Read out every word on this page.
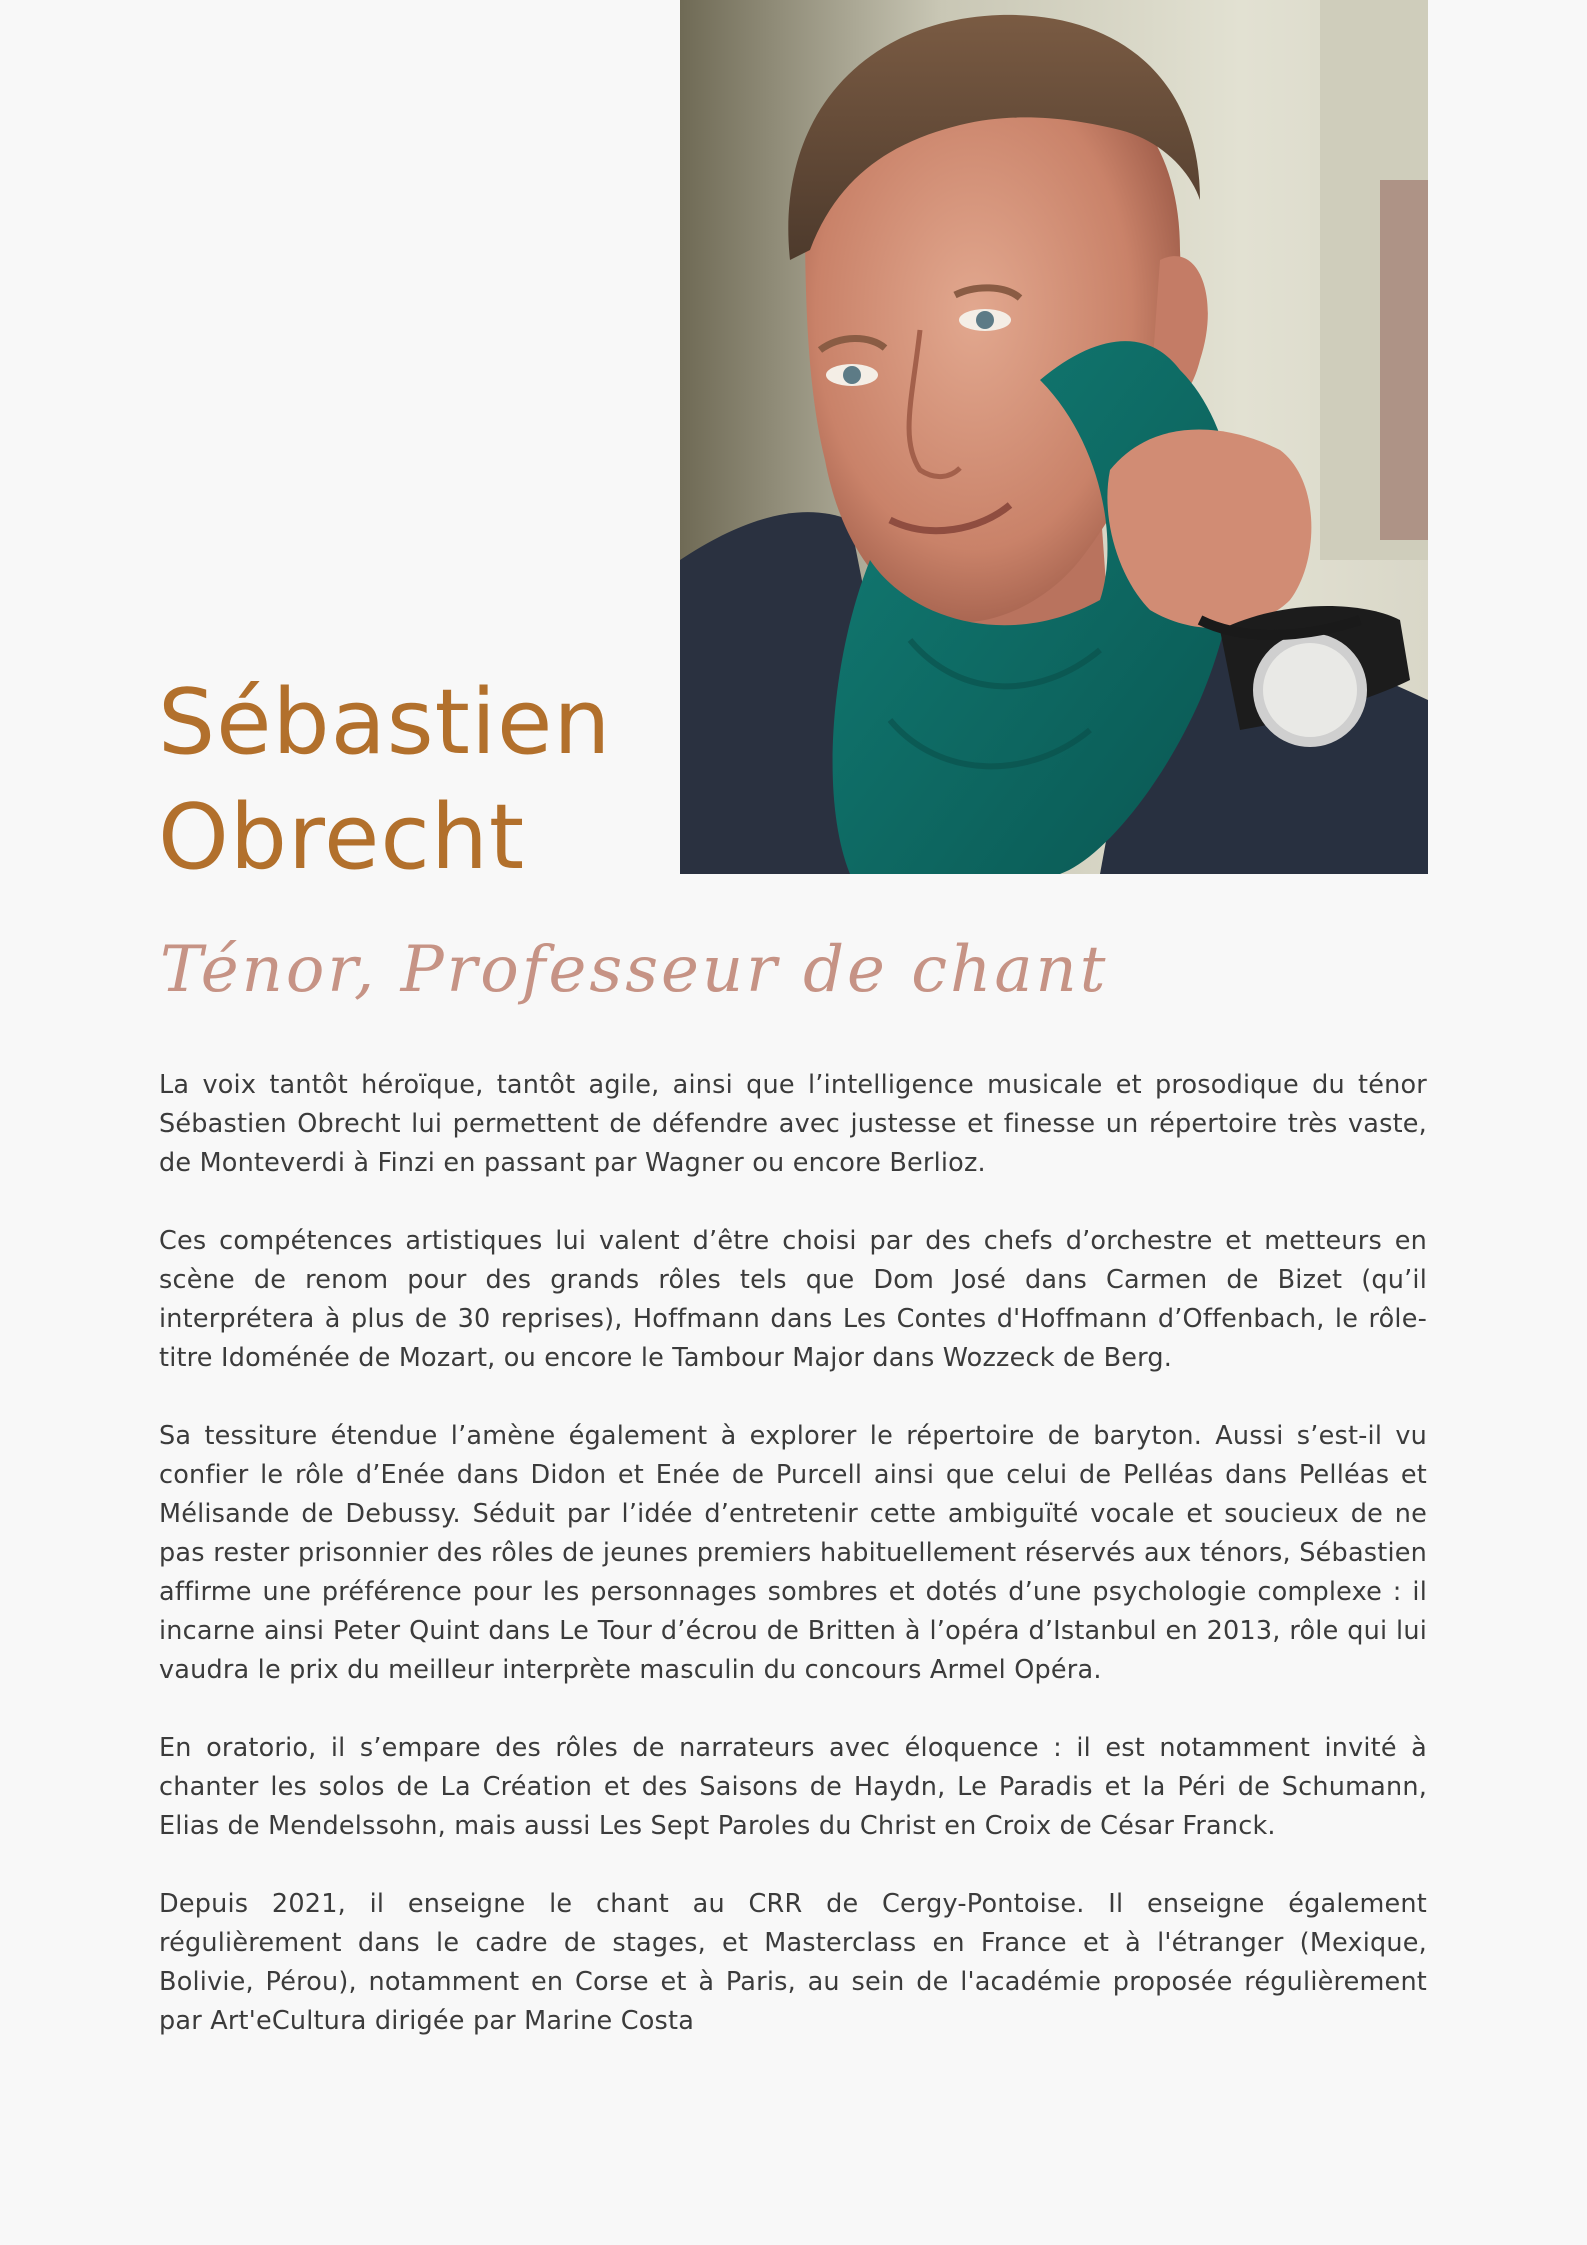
Sébastien
Obrecht
Ténor, Professeur de chant

La voix tantôt héroïque, tantôt agile, ainsi que l’intelligence musicale et prosodique du ténor Sébastien Obrecht lui permettent de défendre avec justesse et finesse un répertoire très vaste, de Monteverdi à Finzi en passant par Wagner ou encore Berlioz.

Ces compétences artistiques lui valent d’être choisi par des chefs d’orchestre et metteurs en scène de renom pour des grands rôles tels que Dom José dans Carmen de Bizet (qu’il interprétera à plus de 30 reprises), Hoffmann dans Les Contes d'Hoffmann d’Offenbach, le rôle-titre Idoménée de Mozart, ou encore le Tambour Major dans Wozzeck de Berg.

Sa tessiture étendue l’amène également à explorer le répertoire de baryton. Aussi s’est-il vu confier le rôle d’Enée dans Didon et Enée de Purcell ainsi que celui de Pelléas dans Pelléas et Mélisande de Debussy. Séduit par l’idée d’entretenir cette ambiguïté vocale et soucieux de ne pas rester prisonnier des rôles de jeunes premiers habituellement réservés aux ténors, Sébastien affirme une préférence pour les personnages sombres et dotés d’une psychologie complexe : il incarne ainsi Peter Quint dans Le Tour d’écrou de Britten à l’opéra d’Istanbul en 2013, rôle qui lui vaudra le prix du meilleur interprète masculin du concours Armel Opéra.

En oratorio, il s’empare des rôles de narrateurs avec éloquence : il est notamment invité à chanter les solos de La Création et des Saisons de Haydn, Le Paradis et la Péri de Schumann, Elias de Mendelssohn, mais aussi Les Sept Paroles du Christ en Croix de César Franck.

Depuis 2021, il enseigne le chant au CRR de Cergy-Pontoise. Il enseigne également régulièrement dans le cadre de stages, et Masterclass en France et à l'étranger (Mexique, Bolivie, Pérou), notamment en Corse et à Paris, au sein de l'académie proposée régulièrement par Art'eCultura dirigée par Marine Costa
